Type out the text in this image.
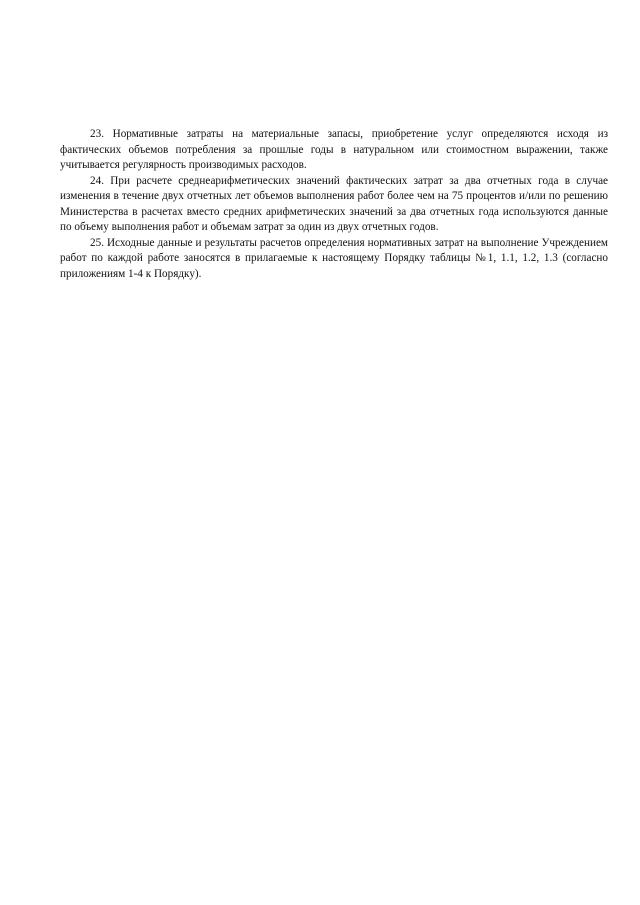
23. Нормативные затраты на материальные запасы, приобретение услуг определяются исходя из фактических объемов потребления за прошлые годы в натуральном или стоимостном выражении, также учитывается регулярность производимых расходов.

24. При расчете среднеарифметических значений фактических затрат за два отчетных года в случае изменения в течение двух отчетных лет объемов выполнения работ более чем на 75 процентов и/или по решению Министерства в расчетах вместо средних арифметических значений за два отчетных года используются данные по объему выполнения работ и объемам затрат за один из двух отчетных годов.

25. Исходные данные и результаты расчетов определения нормативных затрат на выполнение Учреждением работ по каждой работе заносятся в прилагаемые к настоящему Порядку таблицы №1, 1.1, 1.2, 1.3 (согласно приложениям 1-4 к Порядку).
